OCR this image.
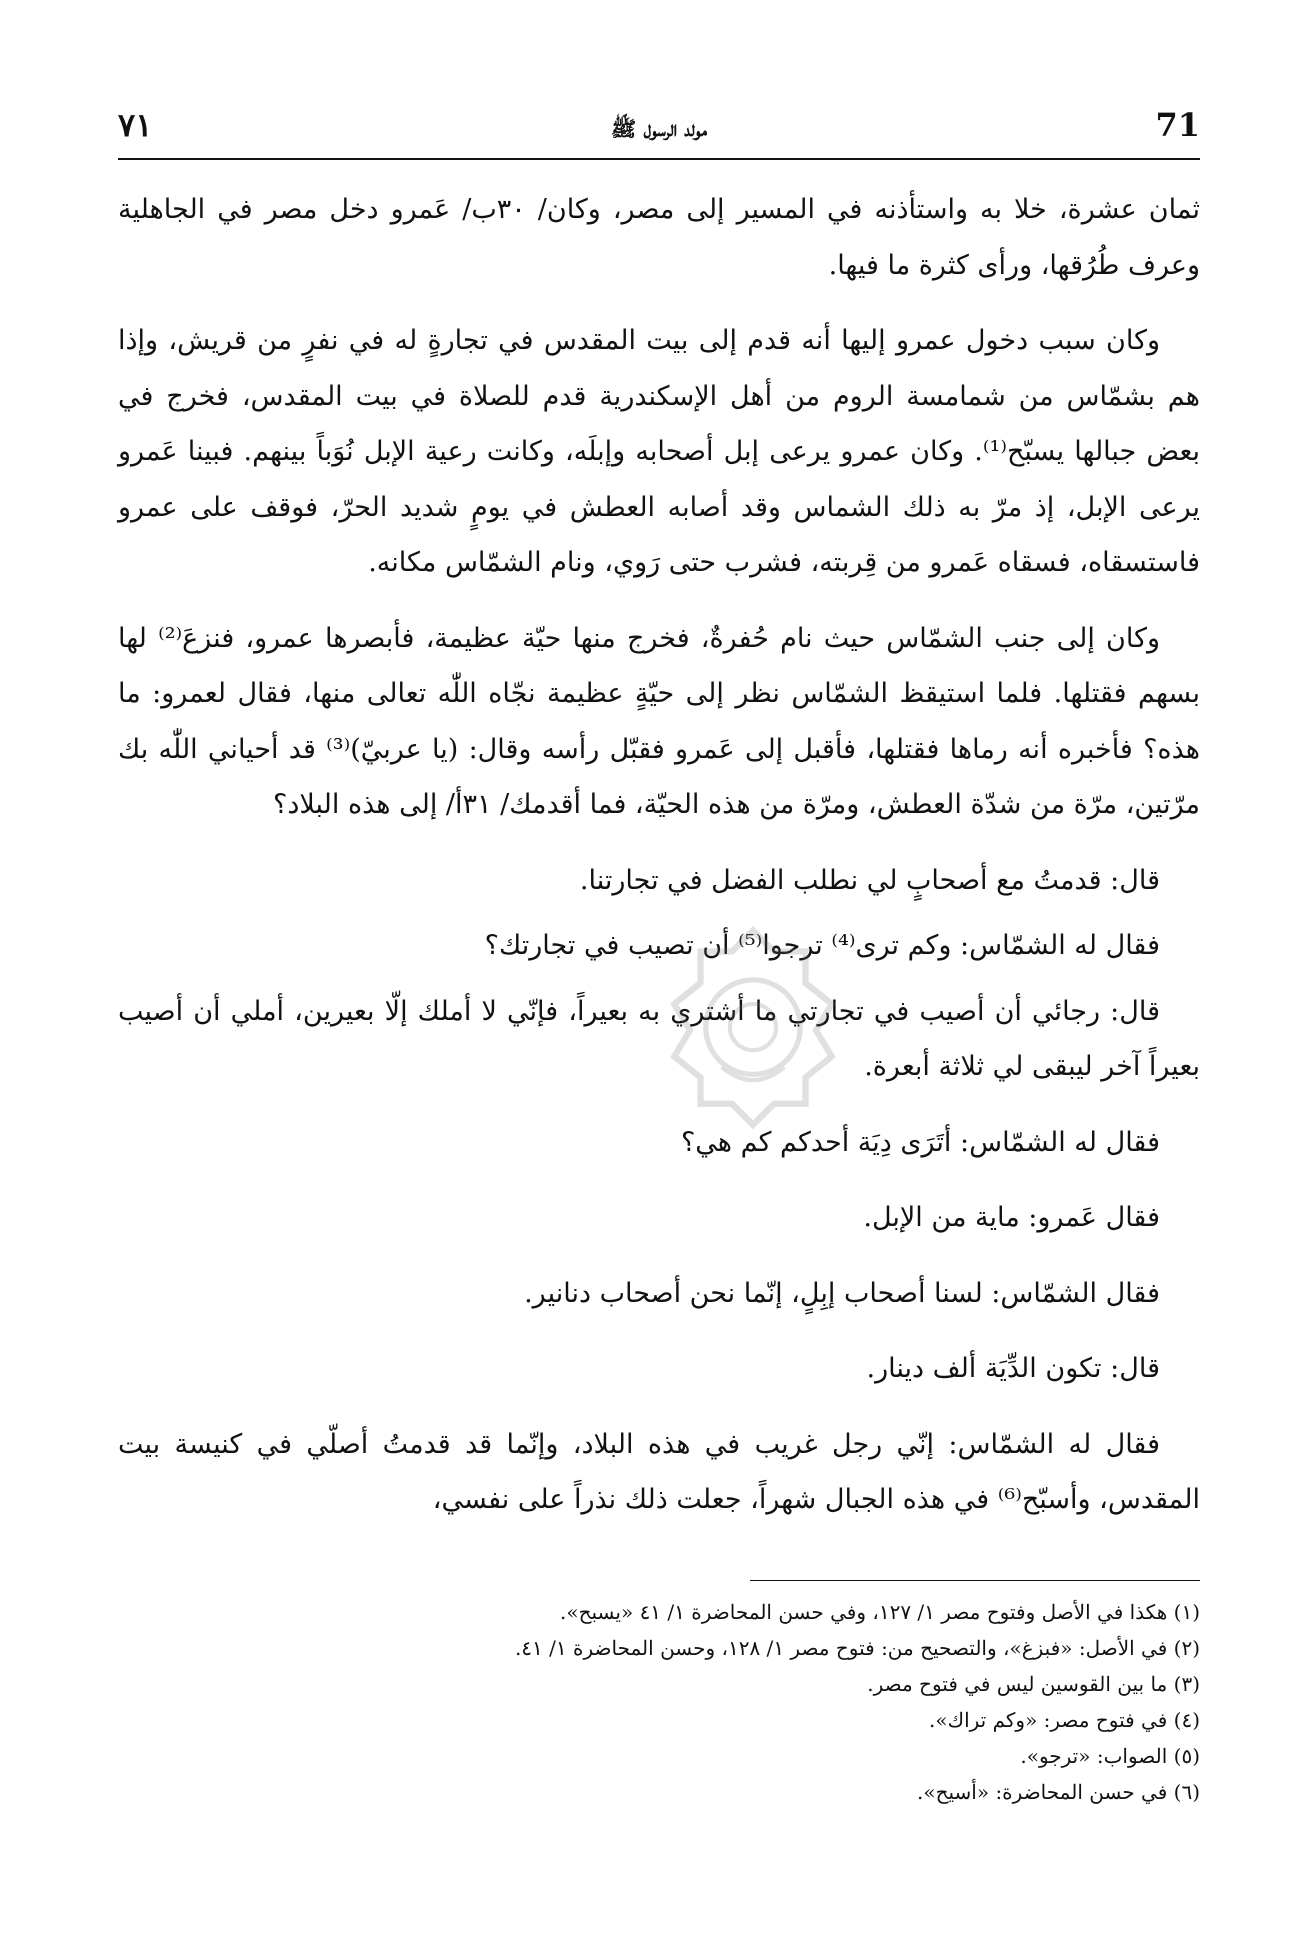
71
مولد الرسول ﷺ
٧١

ثمان عشرة، خلا به واستأذنه في المسير إلى مصر، وكان/ ٣٠ب/ عَمرو دخل مصر في الجاهلية وعرف طُرُقها، ورأى كثرة ما فيها.

وكان سبب دخول عمرو إليها أنه قدم إلى بيت المقدس في تجارةٍ له في نفرٍ من قريش، وإذا هم بشمّاس من شمامسة الروم من أهل الإسكندرية قدم للصلاة في بيت المقدس، فخرج في بعض جبالها يسبّح⁽¹⁾. وكان عمرو يرعى إبل أصحابه وإبلَه، وكانت رعية الإبل نُوَباً بينهم. فبينا عَمرو يرعى الإبل، إذ مرّ به ذلك الشماس وقد أصابه العطش في يومٍ شديد الحرّ، فوقف على عمرو فاستسقاه، فسقاه عَمرو من قِربته، فشرب حتى رَوي، ونام الشمّاس مكانه.

وكان إلى جنب الشمّاس حيث نام حُفرةٌ، فخرج منها حيّة عظيمة، فأبصرها عمرو، فنزعَ⁽²⁾ لها بسهم فقتلها. فلما استيقظ الشمّاس نظر إلى حيّةٍ عظيمة نجّاه اللّٰه تعالى منها، فقال لعمرو: ما هذه؟ فأخبره أنه رماها فقتلها، فأقبل إلى عَمرو فقبّل رأسه وقال: (يا عربيّ)⁽³⁾ قد أحياني اللّٰه بك مرّتين، مرّة من شدّة العطش، ومرّة من هذه الحيّة، فما أقدمك/ ٣١أ/ إلى هذه البلاد؟

قال: قدمتُ مع أصحابٍ لي نطلب الفضل في تجارتنا.

فقال له الشمّاس: وكم ترى⁽⁴⁾ ترجوا⁽⁵⁾ أن تصيب في تجارتك؟

قال: رجائي أن أصيب في تجارتي ما أشتري به بعيراً، فإنّي لا أملك إلّا بعيرين، أملي أن أصيب بعيراً آخر ليبقى لي ثلاثة أبعرة.

فقال له الشمّاس: أتَرَى دِيَة أحدكم كم هي؟

فقال عَمرو: ماية من الإبل.

فقال الشمّاس: لسنا أصحاب إبِلٍ، إنّما نحن أصحاب دنانير.

قال: تكون الدِّيَة ألف دينار.

فقال له الشمّاس: إنّي رجل غريب في هذه البلاد، وإنّما قد قدمتُ أصلّي في كنيسة بيت المقدس، وأسبّح⁽⁶⁾ في هذه الجبال شهراً، جعلت ذلك نذراً على نفسي،

(١) هكذا في الأصل وفتوح مصر ١/ ١٢٧، وفي حسن المحاضرة ١/ ٤١ «يسبح».

(٢) في الأصل: «فبزغ»، والتصحيح من: فتوح مصر ١/ ١٢٨، وحسن المحاضرة ١/ ٤١.

(٣) ما بين القوسين ليس في فتوح مصر.

(٤) في فتوح مصر: «وكم تراك».

(٥) الصواب: «ترجو».

(٦) في حسن المحاضرة: «أسيح».
